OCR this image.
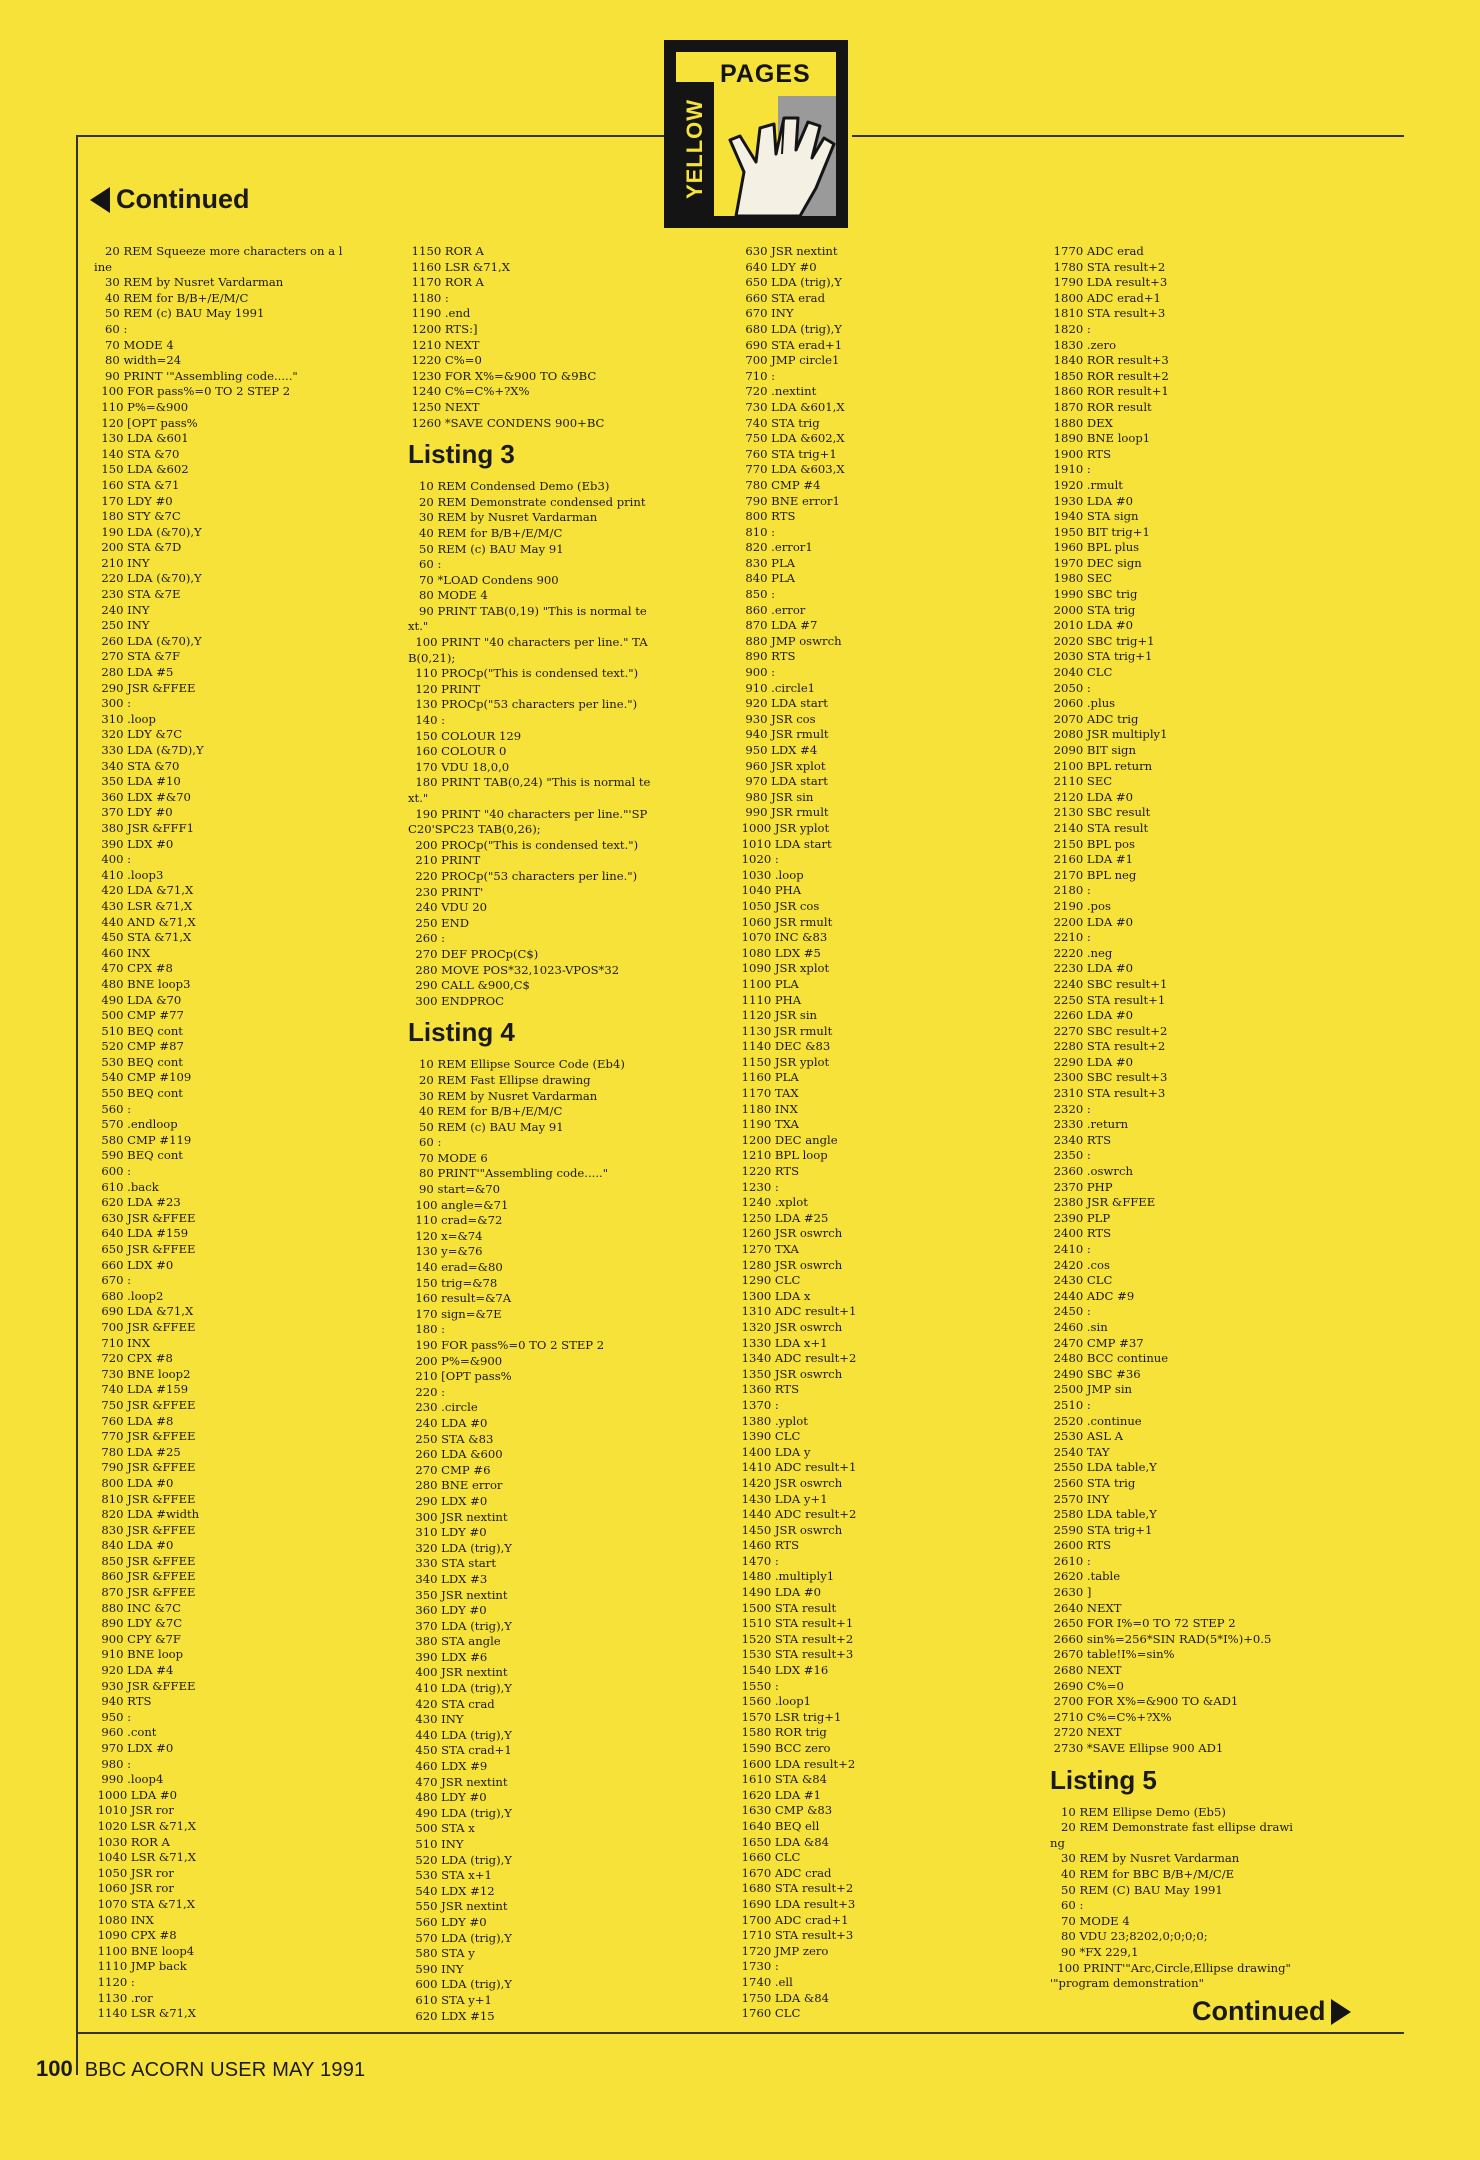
PAGES
YELLOW
Continued
20 REM Squeeze more characters on a l
ine
30 REM by Nusret Vardarman
40 REM for B/B+/E/M/C
50 REM (c) BAU May 1991
60 :
70 MODE 4
80 width=24
90 PRINT '"Assembling code....."
100 FOR pass%=0 TO 2 STEP 2
110 P%=&900
120 [OPT pass%
130 LDA &601
140 STA &70
150 LDA &602
160 STA &71
170 LDY #0
180 STY &7C
190 LDA (&70),Y
200 STA &7D
210 INY
220 LDA (&70),Y
230 STA &7E
240 INY
250 INY
260 LDA (&70),Y
270 STA &7F
280 LDA #5
290 JSR &FFEE
300 :
310 .loop
320 LDY &7C
330 LDA (&7D),Y
340 STA &70
350 LDA #10
360 LDX #&70
370 LDY #0
380 JSR &FFF1
390 LDX #0
400 :
410 .loop3
420 LDA &71,X
430 LSR &71,X
440 AND &71,X
450 STA &71,X
460 INX
470 CPX #8
480 BNE loop3
490 LDA &70
500 CMP #77
510 BEQ cont
520 CMP #87
530 BEQ cont
540 CMP #109
550 BEQ cont
560 :
570 .endloop
580 CMP #119
590 BEQ cont
600 :
610 .back
620 LDA #23
630 JSR &FFEE
640 LDA #159
650 JSR &FFEE
660 LDX #0
670 :
680 .loop2
690 LDA &71,X
700 JSR &FFEE
710 INX
720 CPX #8
730 BNE loop2
740 LDA #159
750 JSR &FFEE
760 LDA #8
770 JSR &FFEE
780 LDA #25
790 JSR &FFEE
800 LDA #0
810 JSR &FFEE
820 LDA #width
830 JSR &FFEE
840 LDA #0
850 JSR &FFEE
860 JSR &FFEE
870 JSR &FFEE
880 INC &7C
890 LDY &7C
900 CPY &7F
910 BNE loop
920 LDA #4
930 JSR &FFEE
940 RTS
950 :
960 .cont
970 LDX #0
980 :
990 .loop4
1000 LDA #0
1010 JSR ror
1020 LSR &71,X
1030 ROR A
1040 LSR &71,X
1050 JSR ror
1060 JSR ror
1070 STA &71,X
1080 INX
1090 CPX #8
1100 BNE loop4
1110 JMP back
1120 :
1130 .ror
1140 LSR &71,X
1150 ROR A
1160 LSR &71,X
1170 ROR A
1180 :
1190 .end
1200 RTS:]
1210 NEXT
1220 C%=0
1230 FOR X%=&900 TO &9BC
1240 C%=C%+?X%
1250 NEXT
1260 *SAVE CONDENS 900+BC
Listing 3
10 REM Condensed Demo (Eb3)
20 REM Demonstrate condensed print
30 REM by Nusret Vardarman
40 REM for B/B+/E/M/C
50 REM (c) BAU May 91
60 :
70 *LOAD Condens 900
80 MODE 4
90 PRINT TAB(0,19) "This is normal te
xt."
100 PRINT "40 characters per line." TA
B(0,21);
110 PROCp("This is condensed text.")
120 PRINT
130 PROCp("53 characters per line.")
140 :
150 COLOUR 129
160 COLOUR 0
170 VDU 18,0,0
180 PRINT TAB(0,24) "This is normal te
xt."
190 PRINT "40 characters per line."'SP
C20'SPC23 TAB(0,26);
200 PROCp("This is condensed text.")
210 PRINT
220 PROCp("53 characters per line.")
230 PRINT'
240 VDU 20
250 END
260 :
270 DEF PROCp(C$)
280 MOVE POS*32,1023-VPOS*32
290 CALL &900,C$
300 ENDPROC
Listing 4
10 REM Ellipse Source Code (Eb4)
20 REM Fast Ellipse drawing
30 REM by Nusret Vardarman
40 REM for B/B+/E/M/C
50 REM (c) BAU May 91
60 :
70 MODE 6
80 PRINT'"Assembling code....."
90 start=&70
100 angle=&71
110 crad=&72
120 x=&74
130 y=&76
140 erad=&80
150 trig=&78
160 result=&7A
170 sign=&7E
180 :
190 FOR pass%=0 TO 2 STEP 2
200 P%=&900
210 [OPT pass%
220 :
230 .circle
240 LDA #0
250 STA &83
260 LDA &600
270 CMP #6
280 BNE error
290 LDX #0
300 JSR nextint
310 LDY #0
320 LDA (trig),Y
330 STA start
340 LDX #3
350 JSR nextint
360 LDY #0
370 LDA (trig),Y
380 STA angle
390 LDX #6
400 JSR nextint
410 LDA (trig),Y
420 STA crad
430 INY
440 LDA (trig),Y
450 STA crad+1
460 LDX #9
470 JSR nextint
480 LDY #0
490 LDA (trig),Y
500 STA x
510 INY
520 LDA (trig),Y
530 STA x+1
540 LDX #12
550 JSR nextint
560 LDY #0
570 LDA (trig),Y
580 STA y
590 INY
600 LDA (trig),Y
610 STA y+1
620 LDX #15
630 JSR nextint
640 LDY #0
650 LDA (trig),Y
660 STA erad
670 INY
680 LDA (trig),Y
690 STA erad+1
700 JMP circle1
710 :
720 .nextint
730 LDA &601,X
740 STA trig
750 LDA &602,X
760 STA trig+1
770 LDA &603,X
780 CMP #4
790 BNE error1
800 RTS
810 :
820 .error1
830 PLA
840 PLA
850 :
860 .error
870 LDA #7
880 JMP oswrch
890 RTS
900 :
910 .circle1
920 LDA start
930 JSR cos
940 JSR rmult
950 LDX #4
960 JSR xplot
970 LDA start
980 JSR sin
990 JSR rmult
1000 JSR yplot
1010 LDA start
1020 :
1030 .loop
1040 PHA
1050 JSR cos
1060 JSR rmult
1070 INC &83
1080 LDX #5
1090 JSR xplot
1100 PLA
1110 PHA
1120 JSR sin
1130 JSR rmult
1140 DEC &83
1150 JSR yplot
1160 PLA
1170 TAX
1180 INX
1190 TXA
1200 DEC angle
1210 BPL loop
1220 RTS
1230 :
1240 .xplot
1250 LDA #25
1260 JSR oswrch
1270 TXA
1280 JSR oswrch
1290 CLC
1300 LDA x
1310 ADC result+1
1320 JSR oswrch
1330 LDA x+1
1340 ADC result+2
1350 JSR oswrch
1360 RTS
1370 :
1380 .yplot
1390 CLC
1400 LDA y
1410 ADC result+1
1420 JSR oswrch
1430 LDA y+1
1440 ADC result+2
1450 JSR oswrch
1460 RTS
1470 :
1480 .multiply1
1490 LDA #0
1500 STA result
1510 STA result+1
1520 STA result+2
1530 STA result+3
1540 LDX #16
1550 :
1560 .loop1
1570 LSR trig+1
1580 ROR trig
1590 BCC zero
1600 LDA result+2
1610 STA &84
1620 LDA #1
1630 CMP &83
1640 BEQ ell
1650 LDA &84
1660 CLC
1670 ADC crad
1680 STA result+2
1690 LDA result+3
1700 ADC crad+1
1710 STA result+3
1720 JMP zero
1730 :
1740 .ell
1750 LDA &84
1760 CLC
1770 ADC erad
1780 STA result+2
1790 LDA result+3
1800 ADC erad+1
1810 STA result+3
1820 :
1830 .zero
1840 ROR result+3
1850 ROR result+2
1860 ROR result+1
1870 ROR result
1880 DEX
1890 BNE loop1
1900 RTS
1910 :
1920 .rmult
1930 LDA #0
1940 STA sign
1950 BIT trig+1
1960 BPL plus
1970 DEC sign
1980 SEC
1990 SBC trig
2000 STA trig
2010 LDA #0
2020 SBC trig+1
2030 STA trig+1
2040 CLC
2050 :
2060 .plus
2070 ADC trig
2080 JSR multiply1
2090 BIT sign
2100 BPL return
2110 SEC
2120 LDA #0
2130 SBC result
2140 STA result
2150 BPL pos
2160 LDA #1
2170 BPL neg
2180 :
2190 .pos
2200 LDA #0
2210 :
2220 .neg
2230 LDA #0
2240 SBC result+1
2250 STA result+1
2260 LDA #0
2270 SBC result+2
2280 STA result+2
2290 LDA #0
2300 SBC result+3
2310 STA result+3
2320 :
2330 .return
2340 RTS
2350 :
2360 .oswrch
2370 PHP
2380 JSR &FFEE
2390 PLP
2400 RTS
2410 :
2420 .cos
2430 CLC
2440 ADC #9
2450 :
2460 .sin
2470 CMP #37
2480 BCC continue
2490 SBC #36
2500 JMP sin
2510 :
2520 .continue
2530 ASL A
2540 TAY
2550 LDA table,Y
2560 STA trig
2570 INY
2580 LDA table,Y
2590 STA trig+1
2600 RTS
2610 :
2620 .table
2630 ]
2640 NEXT
2650 FOR I%=0 TO 72 STEP 2
2660 sin%=256*SIN RAD(5*I%)+0.5
2670 table!I%=sin%
2680 NEXT
2690 C%=0
2700 FOR X%=&900 TO &AD1
2710 C%=C%+?X%
2720 NEXT
2730 *SAVE Ellipse 900 AD1
Listing 5
10 REM Ellipse Demo (Eb5)
20 REM Demonstrate fast ellipse drawi
ng
30 REM by Nusret Vardarman
40 REM for BBC B/B+/M/C/E
50 REM (C) BAU May 1991
60 :
70 MODE 4
80 VDU 23;8202,0;0;0;0;
90 *FX 229,1
100 PRINT'"Arc,Circle,Ellipse drawing"
'"program demonstration"
Continued
100 BBC ACORN USER MAY 1991
